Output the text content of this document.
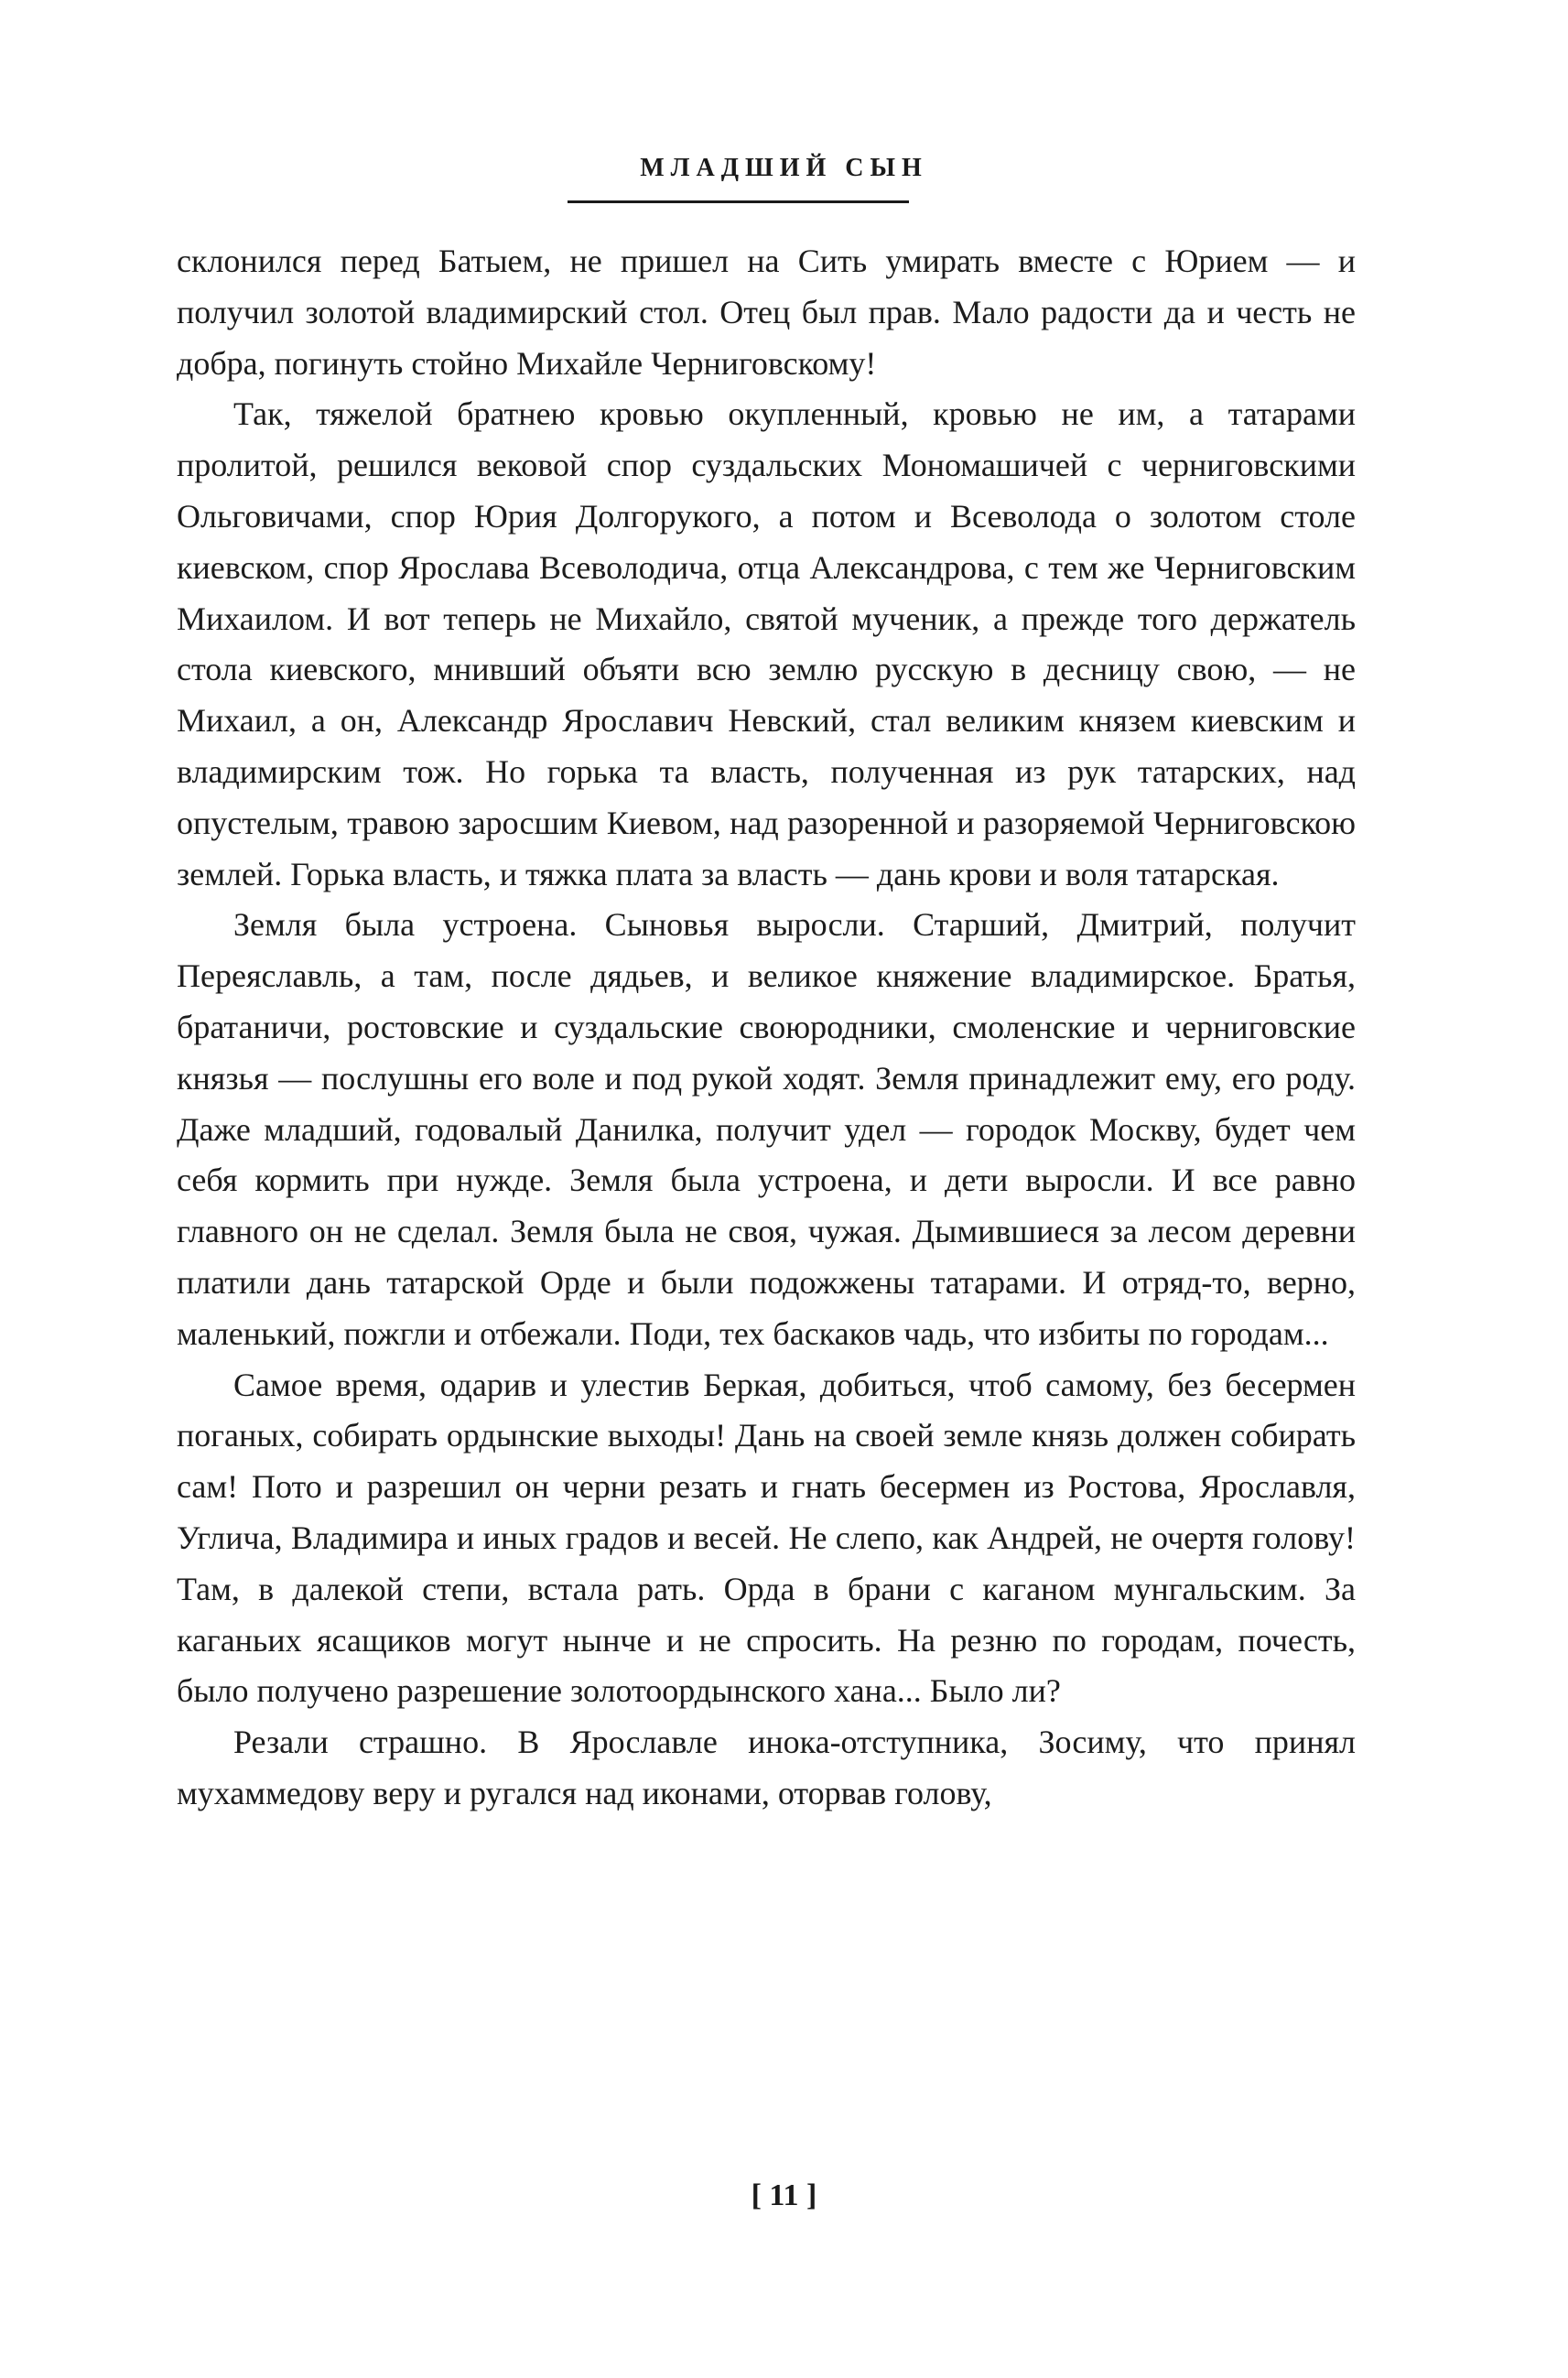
МЛАДШИЙ СЫН

склонился перед Батыем, не пришел на Сить умирать вместе с Юрием — и получил золотой владимирский стол. Отец был прав. Мало радости да и честь не добра, погинуть стойно Михайле Черниговскому!

Так, тяжелой братнею кровью окупленный, кровью не им, а татарами пролитой, решился вековой спор суздальских Мономашичей с черниговскими Ольговичами, спор Юрия Долгорукого, а потом и Всеволода о золотом столе киевском, спор Ярослава Всеволодича, отца Александрова, с тем же Черниговским Михаилом. И вот теперь не Михайло, святой мученик, а прежде того держатель стола киевского, мнивший объяти всю землю русскую в десницу свою, — не Михаил, а он, Александр Ярославич Невский, стал великим князем киевским и владимирским тож. Но горька та власть, полученная из рук татарских, над опустелым, травою заросшим Киевом, над разоренной и разоряемой Черниговскою землей. Горька власть, и тяжка плата за власть — дань крови и воля татарская.

Земля была устроена. Сыновья выросли. Старший, Дмитрий, получит Переяславль, а там, после дядьев, и великое княжение владимирское. Братья, братаничи, ростовские и суздальские своюродники, смоленские и черниговские князья — послушны его воле и под рукой ходят. Земля принадлежит ему, его роду. Даже младший, годовалый Данилка, получит удел — городок Москву, будет чем себя кормить при нужде. Земля была устроена, и дети выросли. И все равно главного он не сделал. Земля была не своя, чужая. Дымившиеся за лесом деревни платили дань татарской Орде и были подожжены татарами. И отряд-то, верно, маленький, пожгли и отбежали. Поди, тех баскаков чадь, что избиты по городам...

Самое время, одарив и улестив Беркая, добиться, чтоб самому, без бесермен поганых, собирать ордынские выходы! Дань на своей земле князь должен собирать сам! Пото и разрешил он черни резать и гнать бесермен из Ростова, Ярославля, Углича, Владимира и иных градов и весей. Не слепо, как Андрей, не очертя голову! Там, в далекой степи, встала рать. Орда в брани с каганом мунгальским. За каганьих ясащиков могут нынче и не спросить. На резню по городам, почесть, было получено разрешение золотоордынского хана... Было ли?

Резали страшно. В Ярославле инока-отступника, Зосиму, что принял мухаммедову веру и ругался над иконами, оторвав голову,

[ 11 ]
